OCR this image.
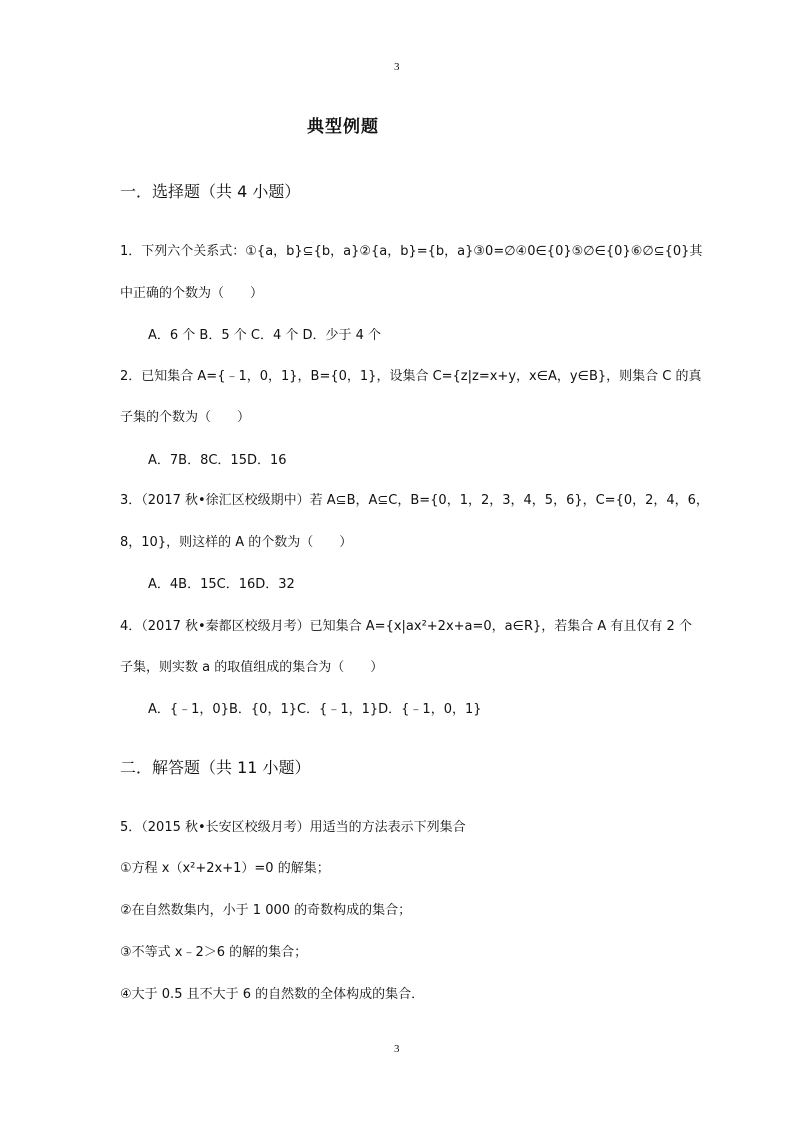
3
典型例题
一．选择题（共 4 小题）
1．下列六个关系式：①{a，b}⊆{b，a}②{a，b}={b，a}③0=∅④0∈{0}⑤∅∈{0}⑥∅⊆{0}其
中正确的个数为（　　）
A．6 个 B．5 个 C．4 个 D．少于 4 个
2．已知集合 A={﹣1，0，1}，B={0，1}，设集合 C={z|z=x+y，x∈A，y∈B}，则集合 C 的真
子集的个数为（　　）
A．7B．8C．15D．16
3．（2017 秋•徐汇区校级期中）若 A⊆B，A⊆C，B={0，1，2，3，4，5，6}，C={0，2，4，6，
8，10}，则这样的 A 的个数为（　　）
A．4B．15C．16D．32
4．（2017 秋•秦都区校级月考）已知集合 A={x|ax²+2x+a=0，a∈R}，若集合 A 有且仅有 2 个
子集，则实数 a 的取值组成的集合为（　　）
A．{﹣1，0}B．{0，1}C．{﹣1，1}D．{﹣1，0，1}
二．解答题（共 11 小题）
5．（2015 秋•长安区校级月考）用适当的方法表示下列集合
①方程 x（x²+2x+1）=0 的解集；
②在自然数集内，小于 1 000 的奇数构成的集合；
③不等式 x﹣2＞6 的解的集合；
④大于 0.5 且不大于 6 的自然数的全体构成的集合．
3
